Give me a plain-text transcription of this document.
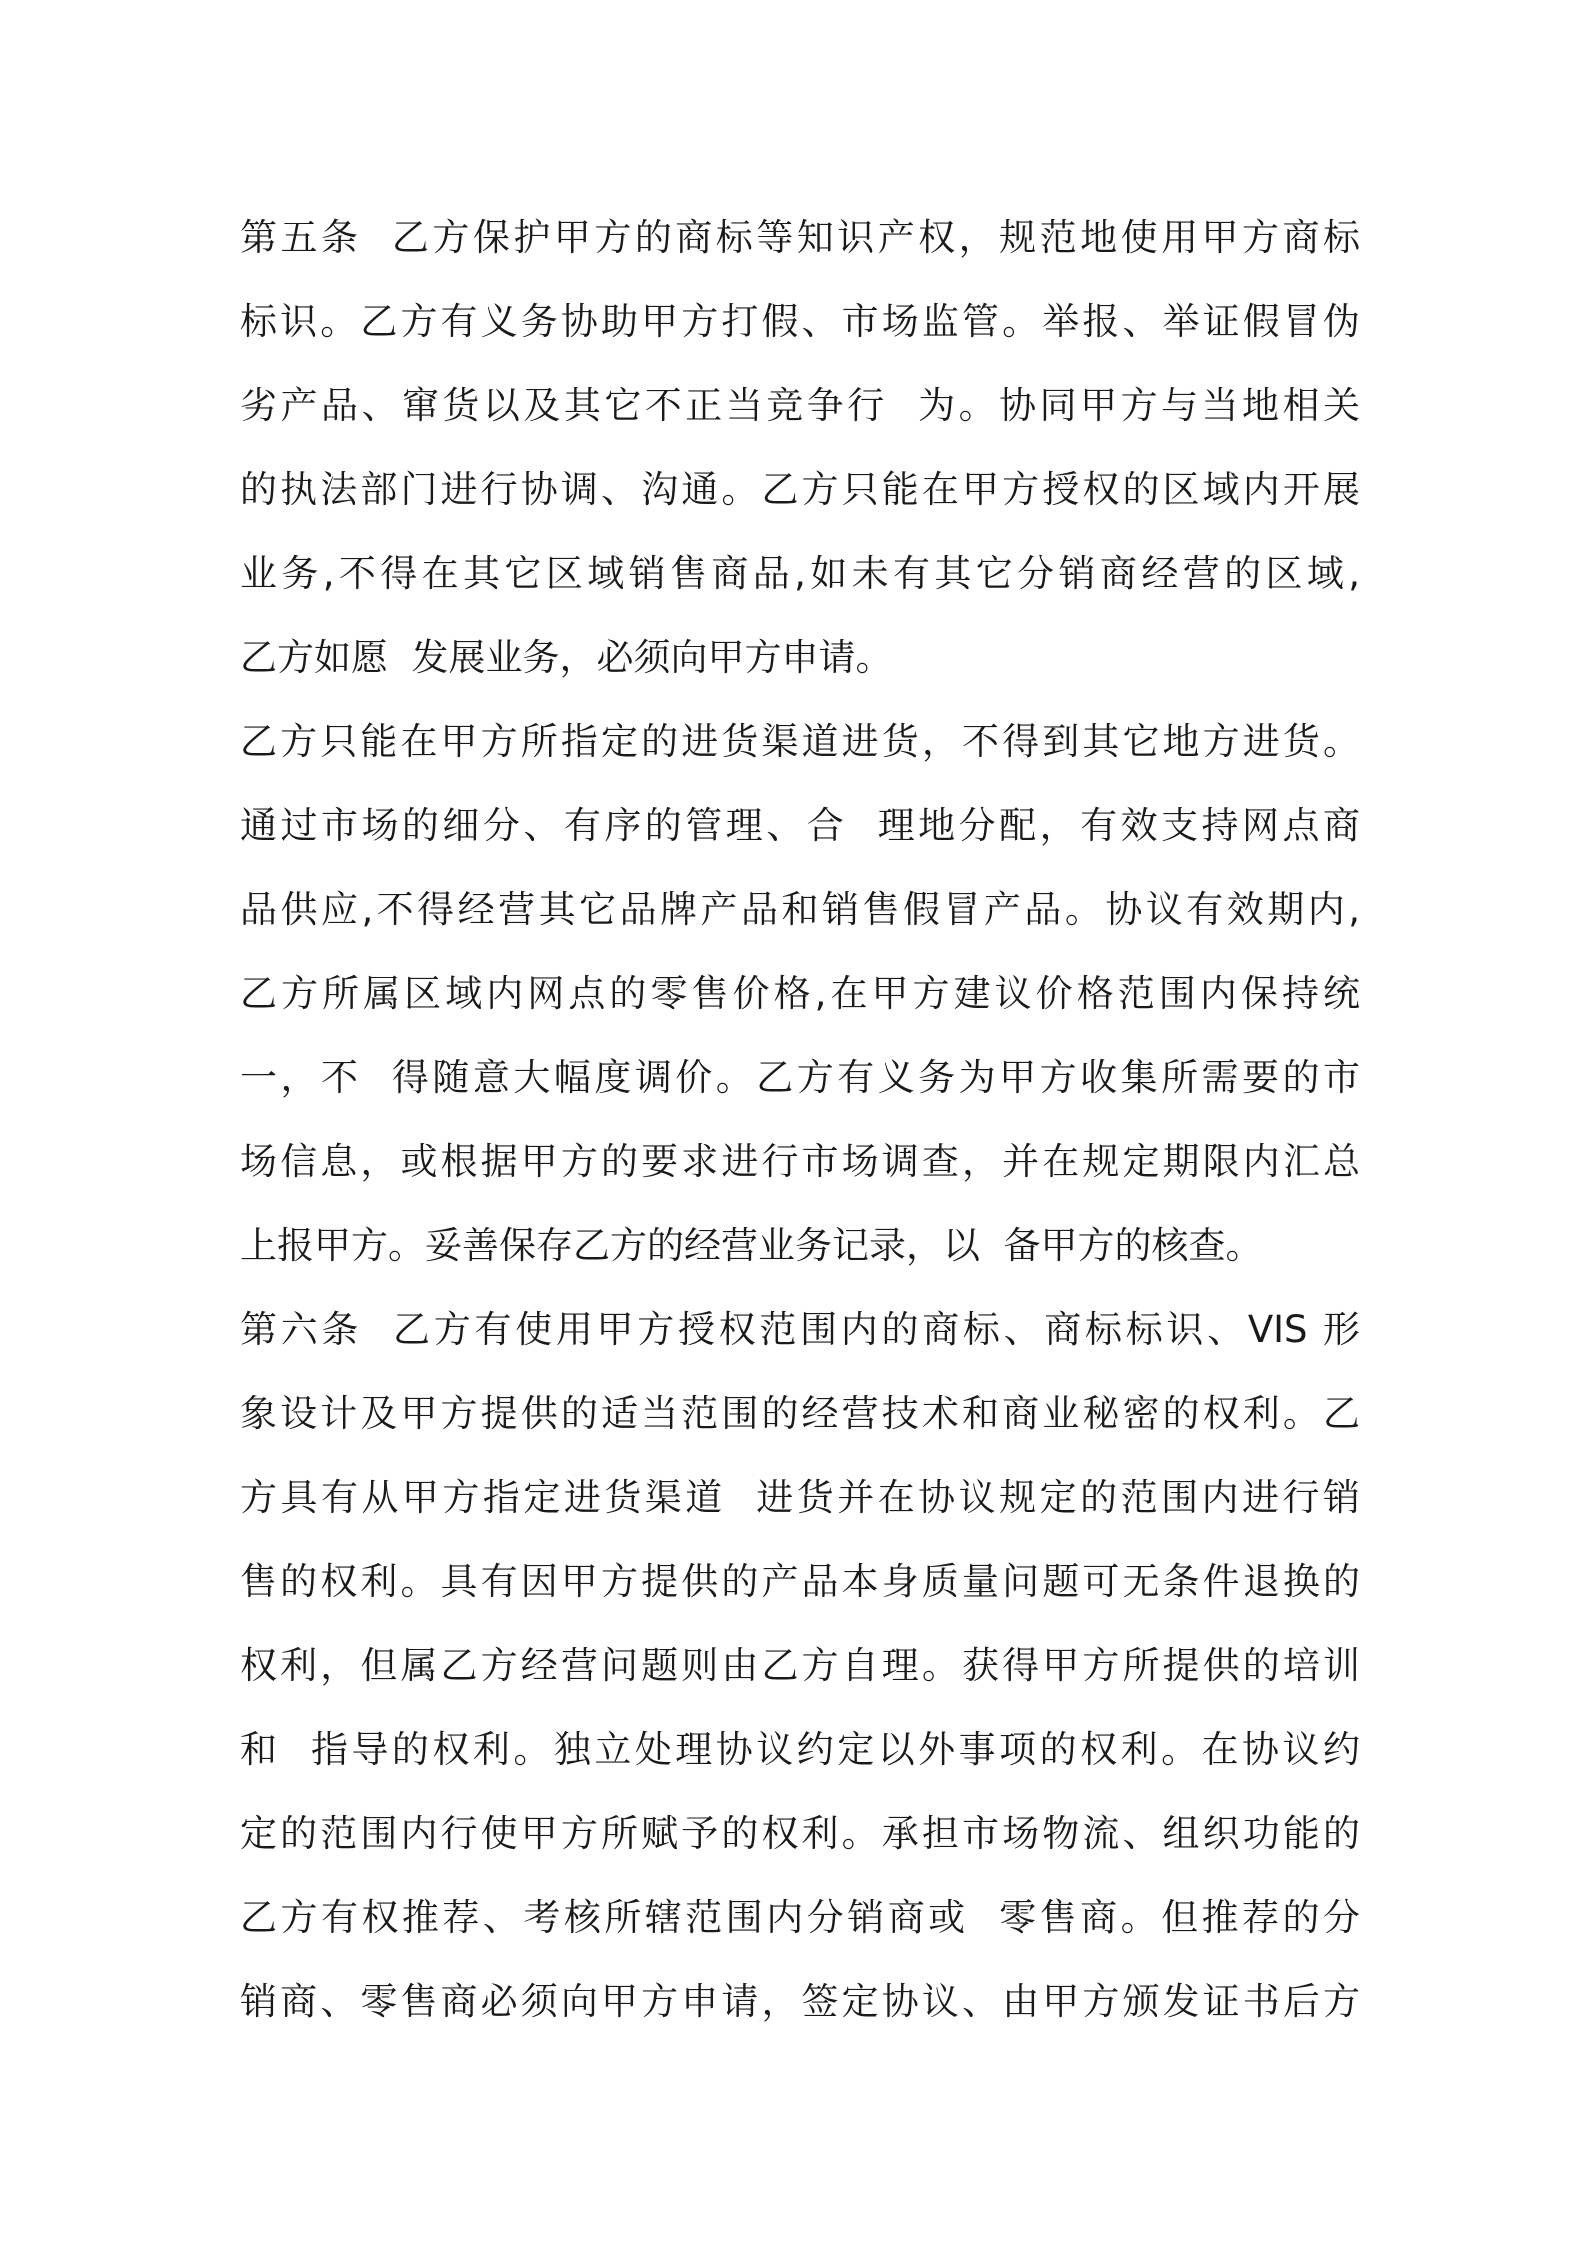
第五条  乙方保护甲方的商标等知识产权，规范地使用甲方商标
标识。乙方有义务协助甲方打假、市场监管。举报、举证假冒伪
劣产品、窜货以及其它不正当竞争行  为。协同甲方与当地相关
的执法部门进行协调、沟通。乙方只能在甲方授权的区域内开展
业务,不得在其它区域销售商品,如未有其它分销商经营的区域,
乙方如愿  发展业务，必须向甲方申请。
乙方只能在甲方所指定的进货渠道进货，不得到其它地方进货。
通过市场的细分、有序的管理、合  理地分配，有效支持网点商
品供应,不得经营其它品牌产品和销售假冒产品。协议有效期内,
乙方所属区域内网点的零售价格,在甲方建议价格范围内保持统
一，不  得随意大幅度调价。乙方有义务为甲方收集所需要的市
场信息，或根据甲方的要求进行市场调查，并在规定期限内汇总
上报甲方。妥善保存乙方的经营业务记录，以  备甲方的核查。
第六条  乙方有使用甲方授权范围内的商标、商标标识、VIS 形
象设计及甲方提供的适当范围的经营技术和商业秘密的权利。乙
方具有从甲方指定进货渠道  进货并在协议规定的范围内进行销
售的权利。具有因甲方提供的产品本身质量问题可无条件退换的
权利，但属乙方经营问题则由乙方自理。获得甲方所提供的培训
和  指导的权利。独立处理协议约定以外事项的权利。在协议约
定的范围内行使甲方所赋予的权利。承担市场物流、组织功能的
乙方有权推荐、考核所辖范围内分销商或  零售商。但推荐的分
销商、零售商必须向甲方申请，签定协议、由甲方颁发证书后方
